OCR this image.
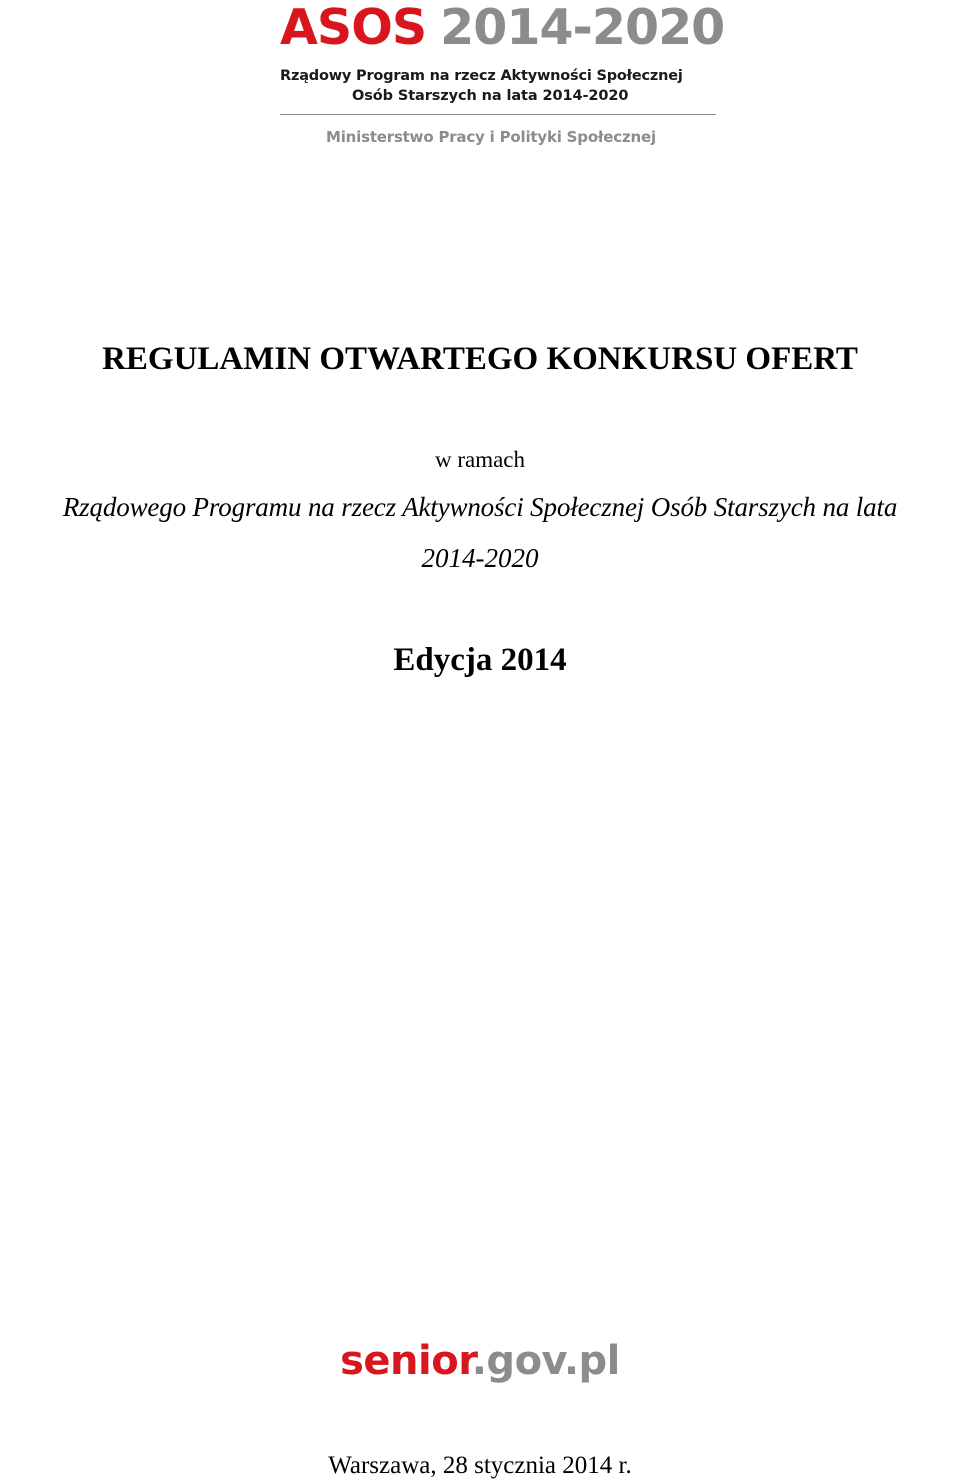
ASOS 2014-2020
Rządowy Program na rzecz Aktywności Społecznej
Osób Starszych na lata 2014-2020
Ministerstwo Pracy i Polityki Społecznej
REGULAMIN OTWARTEGO KONKURSU OFERT
w ramach
Rządowego Programu na rzecz Aktywności Społecznej Osób Starszych na lata
2014-2020
Edycja 2014
senior.gov.pl
Warszawa, 28 stycznia 2014 r.
